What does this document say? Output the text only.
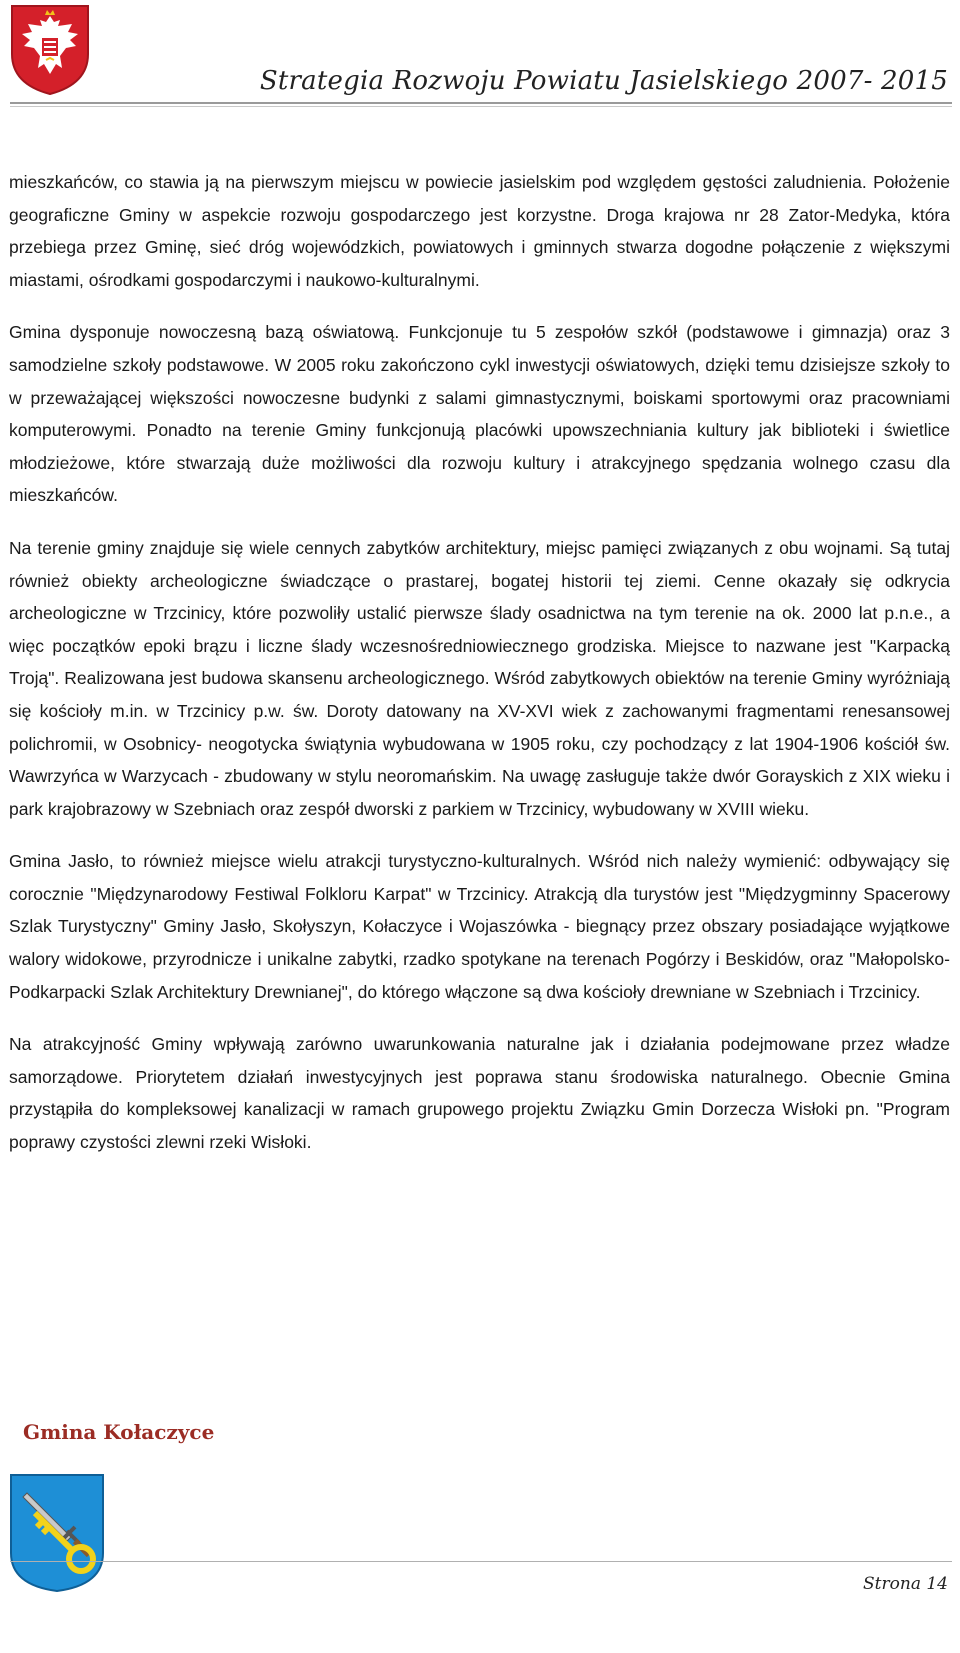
Strategia Rozwoju Powiatu Jasielskiego 2007- 2015

mieszkańców, co stawia ją na pierwszym miejscu w powiecie jasielskim pod względem gęstości zaludnienia. Położenie geograficzne Gminy w aspekcie rozwoju gospodarczego jest korzystne. Droga krajowa nr 28 Zator-Medyka, która przebiega przez Gminę, sieć dróg wojewódzkich, powiatowych i gminnych stwarza dogodne połączenie z większymi miastami, ośrodkami gospodarczymi i naukowo-kulturalnymi.

Gmina dysponuje nowoczesną bazą oświatową. Funkcjonuje tu 5 zespołów szkół (podstawowe i gimnazja) oraz 3 samodzielne szkoły podstawowe. W 2005 roku zakończono cykl inwestycji oświatowych, dzięki temu dzisiejsze szkoły to w przeważającej większości nowoczesne budynki z salami gimnastycznymi, boiskami sportowymi oraz pracowniami komputerowymi. Ponadto na terenie Gminy funkcjonują placówki upowszechniania kultury jak biblioteki i świetlice młodzieżowe, które stwarzają duże możliwości dla rozwoju kultury i atrakcyjnego spędzania wolnego czasu dla mieszkańców.

Na terenie gminy znajduje się wiele cennych zabytków architektury, miejsc pamięci związanych z obu wojnami. Są tutaj również obiekty archeologiczne świadczące o prastarej, bogatej historii tej ziemi. Cenne okazały się odkrycia archeologiczne w Trzcinicy, które pozwoliły ustalić pierwsze ślady osadnictwa na tym terenie na ok. 2000 lat p.n.e., a więc początków epoki brązu i liczne ślady wczesnośredniowiecznego grodziska. Miejsce to nazwane jest "Karpacką Troją". Realizowana jest budowa skansenu archeologicznego. Wśród zabytkowych obiektów na terenie Gminy wyróżniają się kościoły m.in. w Trzcinicy p.w. św. Doroty datowany na XV-XVI wiek z zachowanymi fragmentami renesansowej polichromii, w Osobnicy- neogotycka świątynia wybudowana w 1905 roku, czy pochodzący z lat 1904-1906 kościół św. Wawrzyńca w Warzycach - zbudowany w stylu neoromańskim. Na uwagę zasługuje także dwór Gorayskich z XIX wieku i park krajobrazowy w Szebniach oraz zespół dworski z parkiem w Trzcinicy, wybudowany w XVIII wieku.

Gmina Jasło, to również miejsce wielu atrakcji turystyczno-kulturalnych. Wśród nich należy wymienić: odbywający się corocznie "Międzynarodowy Festiwal Folkloru Karpat" w Trzcinicy. Atrakcją dla turystów jest "Międzygminny Spacerowy Szlak Turystyczny" Gminy Jasło, Skołyszyn, Kołaczyce i Wojaszówka - biegnący przez obszary posiadające wyjątkowe walory widokowe, przyrodnicze i unikalne zabytki, rzadko spotykane na terenach Pogórzy i Beskidów, oraz "Małopolsko-Podkarpacki Szlak Architektury Drewnianej", do którego włączone są dwa kościoły drewniane w Szebniach i Trzcinicy.

Na atrakcyjność Gminy wpływają zarówno uwarunkowania naturalne jak i działania podejmowane przez władze samorządowe. Priorytetem działań inwestycyjnych jest poprawa stanu środowiska naturalnego. Obecnie Gmina przystąpiła do kompleksowej kanalizacji w ramach grupowego projektu Związku Gmin Dorzecza Wisłoki pn. "Program poprawy czystości zlewni rzeki Wisłoki.

Gmina Kołaczyce
Strona 14
